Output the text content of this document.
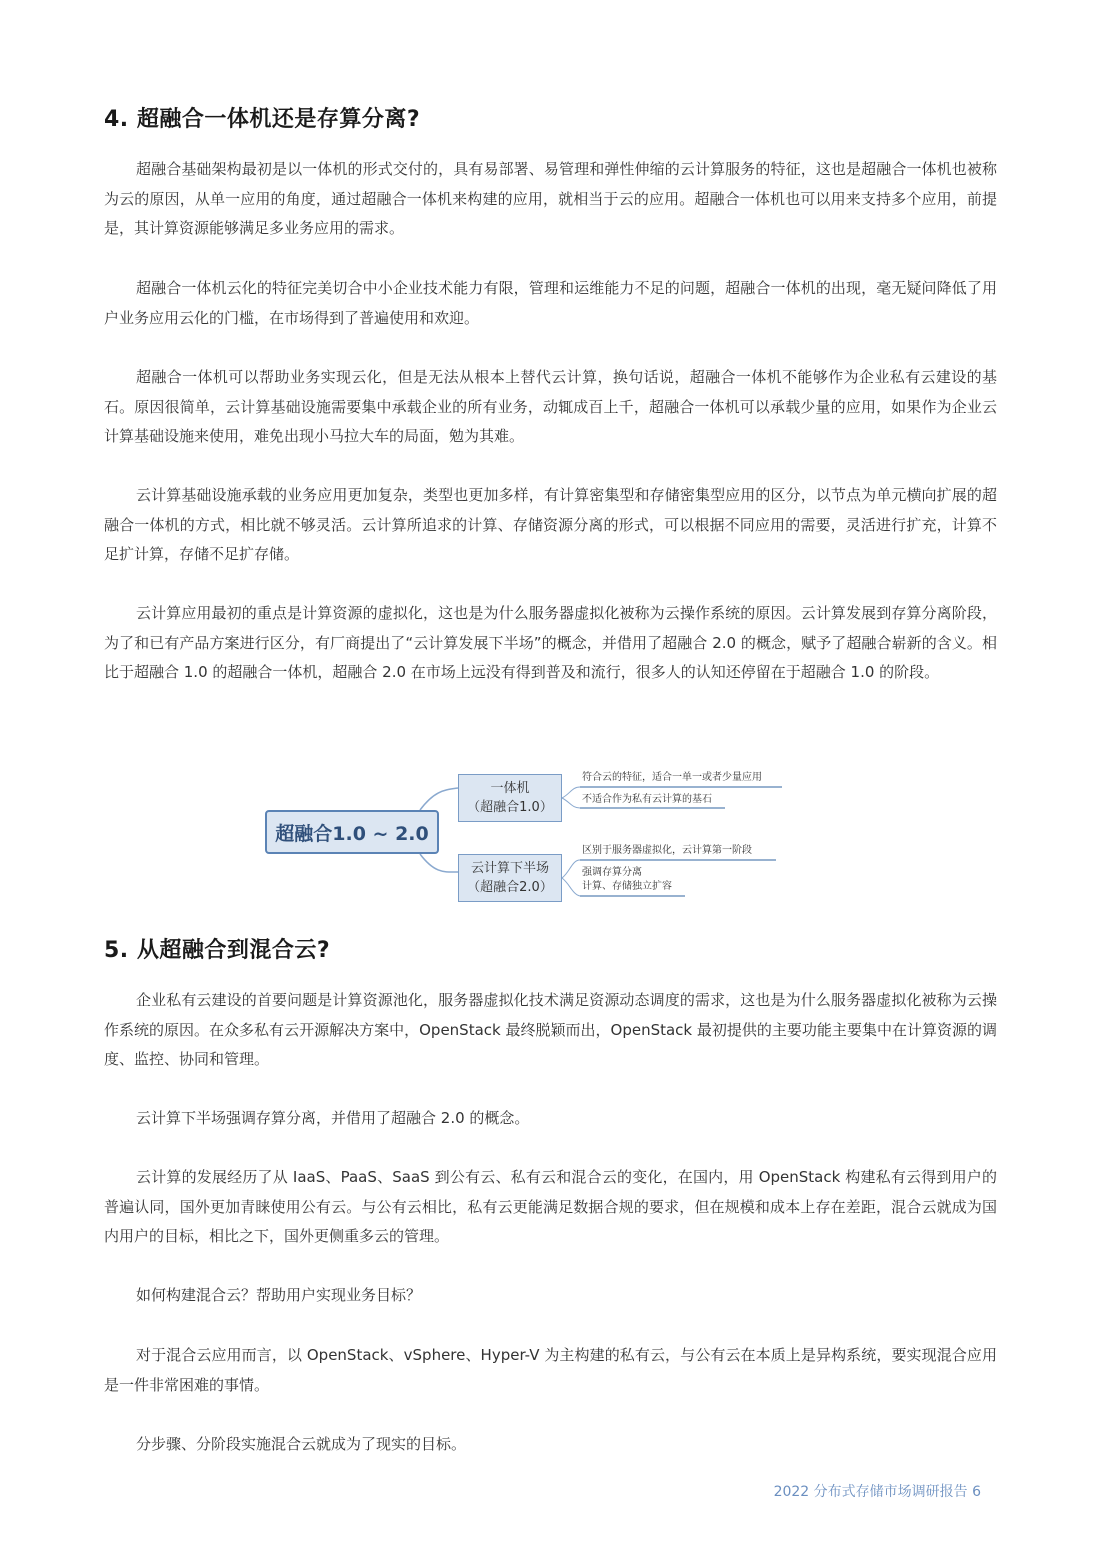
4. 超融合一体机还是存算分离?

超融合基础架构最初是以一体机的形式交付的，具有易部署、易管理和弹性伸缩的云计算服务的特征，这也是超融合一体机也被称为云的原因，从单一应用的角度，通过超融合一体机来构建的应用，就相当于云的应用。超融合一体机也可以用来支持多个应用，前提是，其计算资源能够满足多业务应用的需求。

超融合一体机云化的特征完美切合中小企业技术能力有限，管理和运维能力不足的问题，超融合一体机的出现，毫无疑问降低了用户业务应用云化的门槛，在市场得到了普遍使用和欢迎。

超融合一体机可以帮助业务实现云化，但是无法从根本上替代云计算，换句话说，超融合一体机不能够作为企业私有云建设的基石。原因很简单，云计算基础设施需要集中承载企业的所有业务，动辄成百上千，超融合一体机可以承载少量的应用，如果作为企业云计算基础设施来使用，难免出现小马拉大车的局面，勉为其难。

云计算基础设施承载的业务应用更加复杂，类型也更加多样，有计算密集型和存储密集型应用的区分，以节点为单元横向扩展的超融合一体机的方式，相比就不够灵活。云计算所追求的计算、存储资源分离的形式，可以根据不同应用的需要，灵活进行扩充，计算不足扩计算，存储不足扩存储。

云计算应用最初的重点是计算资源的虚拟化，这也是为什么服务器虚拟化被称为云操作系统的原因。云计算发展到存算分离阶段，为了和已有产品方案进行区分，有厂商提出了“云计算发展下半场”的概念，并借用了超融合 2.0 的概念，赋予了超融合崭新的含义。相比于超融合 1.0 的超融合一体机，超融合 2.0 在市场上远没有得到普及和流行，很多人的认知还停留在于超融合 1.0 的阶段。

超融合1.0 ~ 2.0
一体机
（超融合1.0）
云计算下半场
（超融合2.0）
符合云的特征，适合一单一或者少量应用
不适合作为私有云计算的基石
区别于服务器虚拟化，云计算第一阶段
强调存算分离
计算、存储独立扩容
5. 从超融合到混合云?

企业私有云建设的首要问题是计算资源池化，服务器虚拟化技术满足资源动态调度的需求，这也是为什么服务器虚拟化被称为云操作系统的原因。在众多私有云开源解决方案中，OpenStack 最终脱颖而出，OpenStack 最初提供的主要功能主要集中在计算资源的调度、监控、协同和管理。

云计算下半场强调存算分离，并借用了超融合 2.0 的概念。

云计算的发展经历了从 IaaS、PaaS、SaaS 到公有云、私有云和混合云的变化，在国内，用 OpenStack 构建私有云得到用户的普遍认同，国外更加青睐使用公有云。与公有云相比，私有云更能满足数据合规的要求，但在规模和成本上存在差距，混合云就成为国内用户的目标，相比之下，国外更侧重多云的管理。

如何构建混合云？帮助用户实现业务目标？

对于混合云应用而言，以 OpenStack、vSphere、Hyper-V 为主构建的私有云，与公有云在本质上是异构系统，要实现混合应用是一件非常困难的事情。

分步骤、分阶段实施混合云就成为了现实的目标。

2022 分布式存储市场调研报告 6
